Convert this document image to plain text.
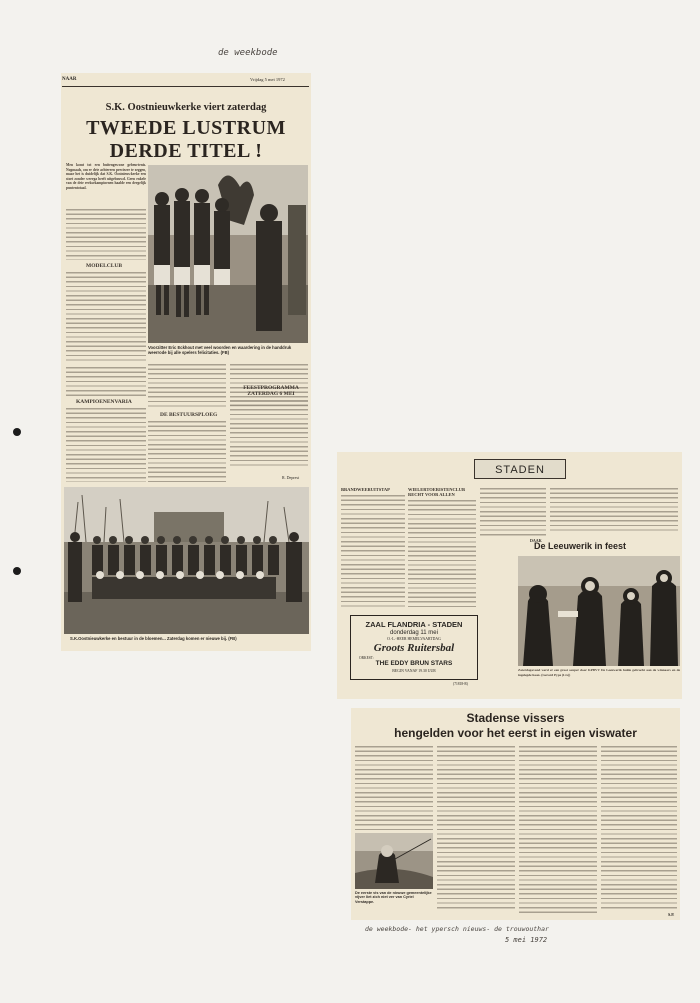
de weekbode
de weekbode- het ypersch nieuws- de trouwouthar
5 mei 1972
NAAR	Vrijdag 5 mei 1972
S.K. Oostnieuwkerke viert zaterdag
TWEEDE LUSTRUM
DERDE TITEL !
Men komt tot een buitengewone gebeurtenis. Nogmaals, om er drie achtereen preciezer te zeggen, maar het is duidelijk dat S.K. Oostnieuwkerke een stoet zonder weerga heeft uitgebouwd. Geen enkele van de drie reeksekampioenen haalde een dergelijk puntentotaal.
MODELCLUB
KAMPIOENENVARIA
Voorzitter Eric Eckhout met veel woorden en waardering in de handdruk weerrode bij alle spelers felicitaties. (FB)
DE BESTUURSPLOEG
FEESTPROGRAMMA ZATERDAG 6 MEI
R. Deprest
S.K.Oostnieuwkerke en bestuur in de bloemen... Zaterdag komen er nieuwe bij. (FB)
STADEN
BRANDWEERUITSTAP	WIELERTOERISTENCLUB RECHT VOOR ALLEN
DAAK
ZAAL FLANDRIA - STADEN
donderdag 11 mei
O.-L.-HEER HEMELVAARTDAG
Groots Ruitersbal
ORKEST:
THE EDDY BRUN STARS
BEGIN VANAF 19.30 UUR
(71818-R)
De Leeuwerik in feest
Zaterdagavond werd er een groot souper door KPBVV De Leeuwerik hulde gebracht aan de winnaars en de ingelegde haan. (Gerard Pype (LG))
Stadense vissers
hengelden voor het eerst in eigen viswater
De eerste vis van de nieuwe gemeentelijke vijver liet zich niet ver van Cyriel Verstappe.
S.P.
